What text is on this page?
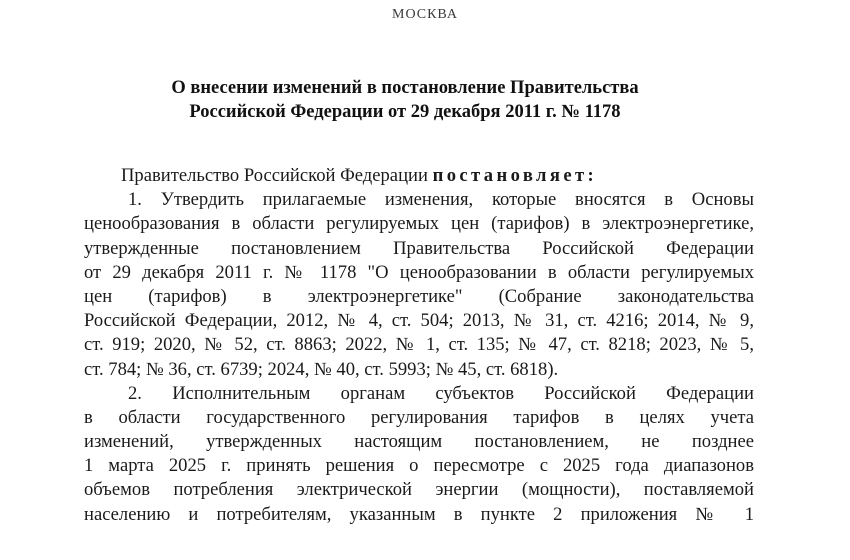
МОСКВА
О внесении изменений в постановление Правительства
Российской Федерации от 29 декабря 2011 г. № 1178
Правительство Российской Федерации постановляет:
1. Утвердить прилагаемые изменения, которые вносятся в Основы
ценообразования в области регулируемых цен (тарифов) в электроэнергетике,
утвержденные постановлением Правительства Российской Федерации
от 29 декабря 2011 г. № 1178 "О ценообразовании в области регулируемых
цен (тарифов) в электроэнергетике" (Собрание законодательства
Российской Федерации, 2012, № 4, ст. 504; 2013, № 31, ст. 4216; 2014, № 9,
ст. 919; 2020, № 52, ст. 8863; 2022, № 1, ст. 135; № 47, ст. 8218; 2023, № 5,
ст. 784; № 36, ст. 6739; 2024, № 40, ст. 5993; № 45, ст. 6818).
2. Исполнительным органам субъектов Российской Федерации
в области государственного регулирования тарифов в целях учета
изменений, утвержденных настоящим постановлением, не позднее
1 марта 2025 г. принять решения о пересмотре с 2025 года диапазонов
объемов потребления электрической энергии (мощности), поставляемой
населению и потребителям, указанным в пункте 2 приложения № 1
